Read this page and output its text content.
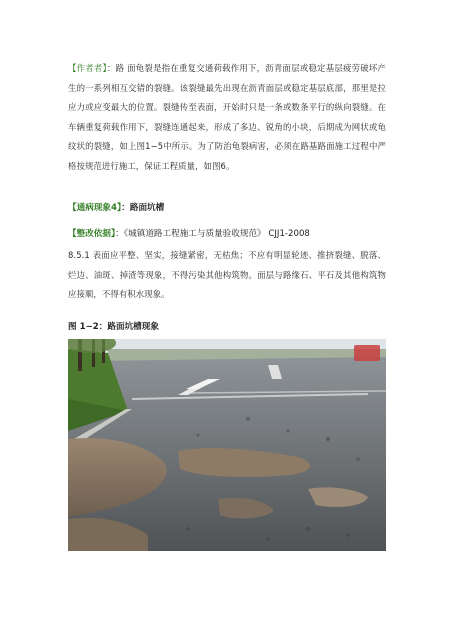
【作者者】：路 面龟裂是指在重复交通荷载作用下，沥青面层或稳定基层疲劳破坏产生的一系列相互交错的裂缝。该裂缝最先出现在沥青面层或稳定基层底部，那里是拉应力或应变最大的位置。裂缝传至表面，开始时只是一条或数条平行的纵向裂缝。在车辆重复荷载作用下，裂缝连通起来，形成了多边、锐角的小块，后期成为网状或龟纹状的裂缝，如上图1−5中所示。为了防治龟裂病害，必须在路基路面施工过程中严格按规范进行施工，保证工程质量，如图6。
【通病现象4】：路面坑槽
【整改依据】：《城镇道路工程施工与质量验收规范》 CJJ1-2008
8.5.1 表面应平整、坚实，接缝紧密，无枯焦；不应有明显轮迹、推挤裂缝、脱落、烂边、油斑、掉渣等现象，不得污染其他构筑物。面层与路缘石、平石及其他构筑物应接顺，不得有积水现象。
图 1−2：路面坑槽现象
